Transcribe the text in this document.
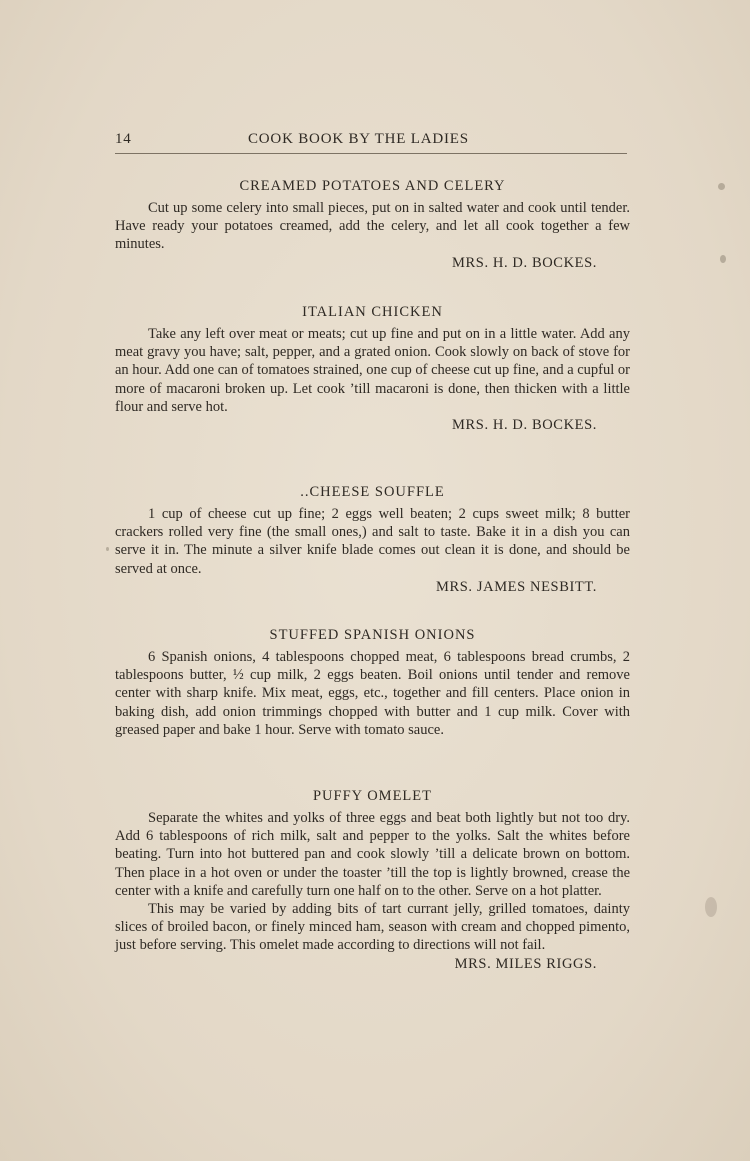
14	COOK BOOK BY THE LADIES
CREAMED POTATOES AND CELERY

Cut up some celery into small pieces, put on in salted water and cook until tender. Have ready your potatoes creamed, add the celery, and let all cook together a few minutes.

MRS. H. D. BOCKES.
ITALIAN CHICKEN

Take any left over meat or meats; cut up fine and put on in a little water. Add any meat gravy you have; salt, pepper, and a grated onion. Cook slowly on back of stove for an hour. Add one can of tomatoes strained, one cup of cheese cut up fine, and a cupful or more of macaroni broken up. Let cook ’till macaroni is done, then thicken with a little flour and serve hot.

MRS. H. D. BOCKES.
..CHEESE SOUFFLE

1 cup of cheese cut up fine; 2 eggs well beaten; 2 cups sweet milk; 8 butter crackers rolled very fine (the small ones,) and salt to taste. Bake it in a dish you can serve it in. The minute a silver knife blade comes out clean it is done, and should be served at once.

MRS. JAMES NESBITT.
STUFFED SPANISH ONIONS

6 Spanish onions, 4 tablespoons chopped meat, 6 tablespoons bread crumbs, 2 tablespoons butter, ½ cup milk, 2 eggs beaten. Boil onions until tender and remove center with sharp knife. Mix meat, eggs, etc., together and fill centers. Place onion in baking dish, add onion trimmings chopped with butter and 1 cup milk. Cover with greased paper and bake 1 hour. Serve with tomato sauce.

PUFFY OMELET

Separate the whites and yolks of three eggs and beat both lightly but not too dry. Add 6 tablespoons of rich milk, salt and pepper to the yolks. Salt the whites before beating. Turn into hot buttered pan and cook slowly ’till a delicate brown on bottom. Then place in a hot oven or under the toaster ’till the top is lightly browned, crease the center with a knife and carefully turn one half on to the other. Serve on a hot platter.

This may be varied by adding bits of tart currant jelly, grilled tomatoes, dainty slices of broiled bacon, or finely minced ham, season with cream and chopped pimento, just before serving. This omelet made according to directions will not fail.

MRS. MILES RIGGS.
